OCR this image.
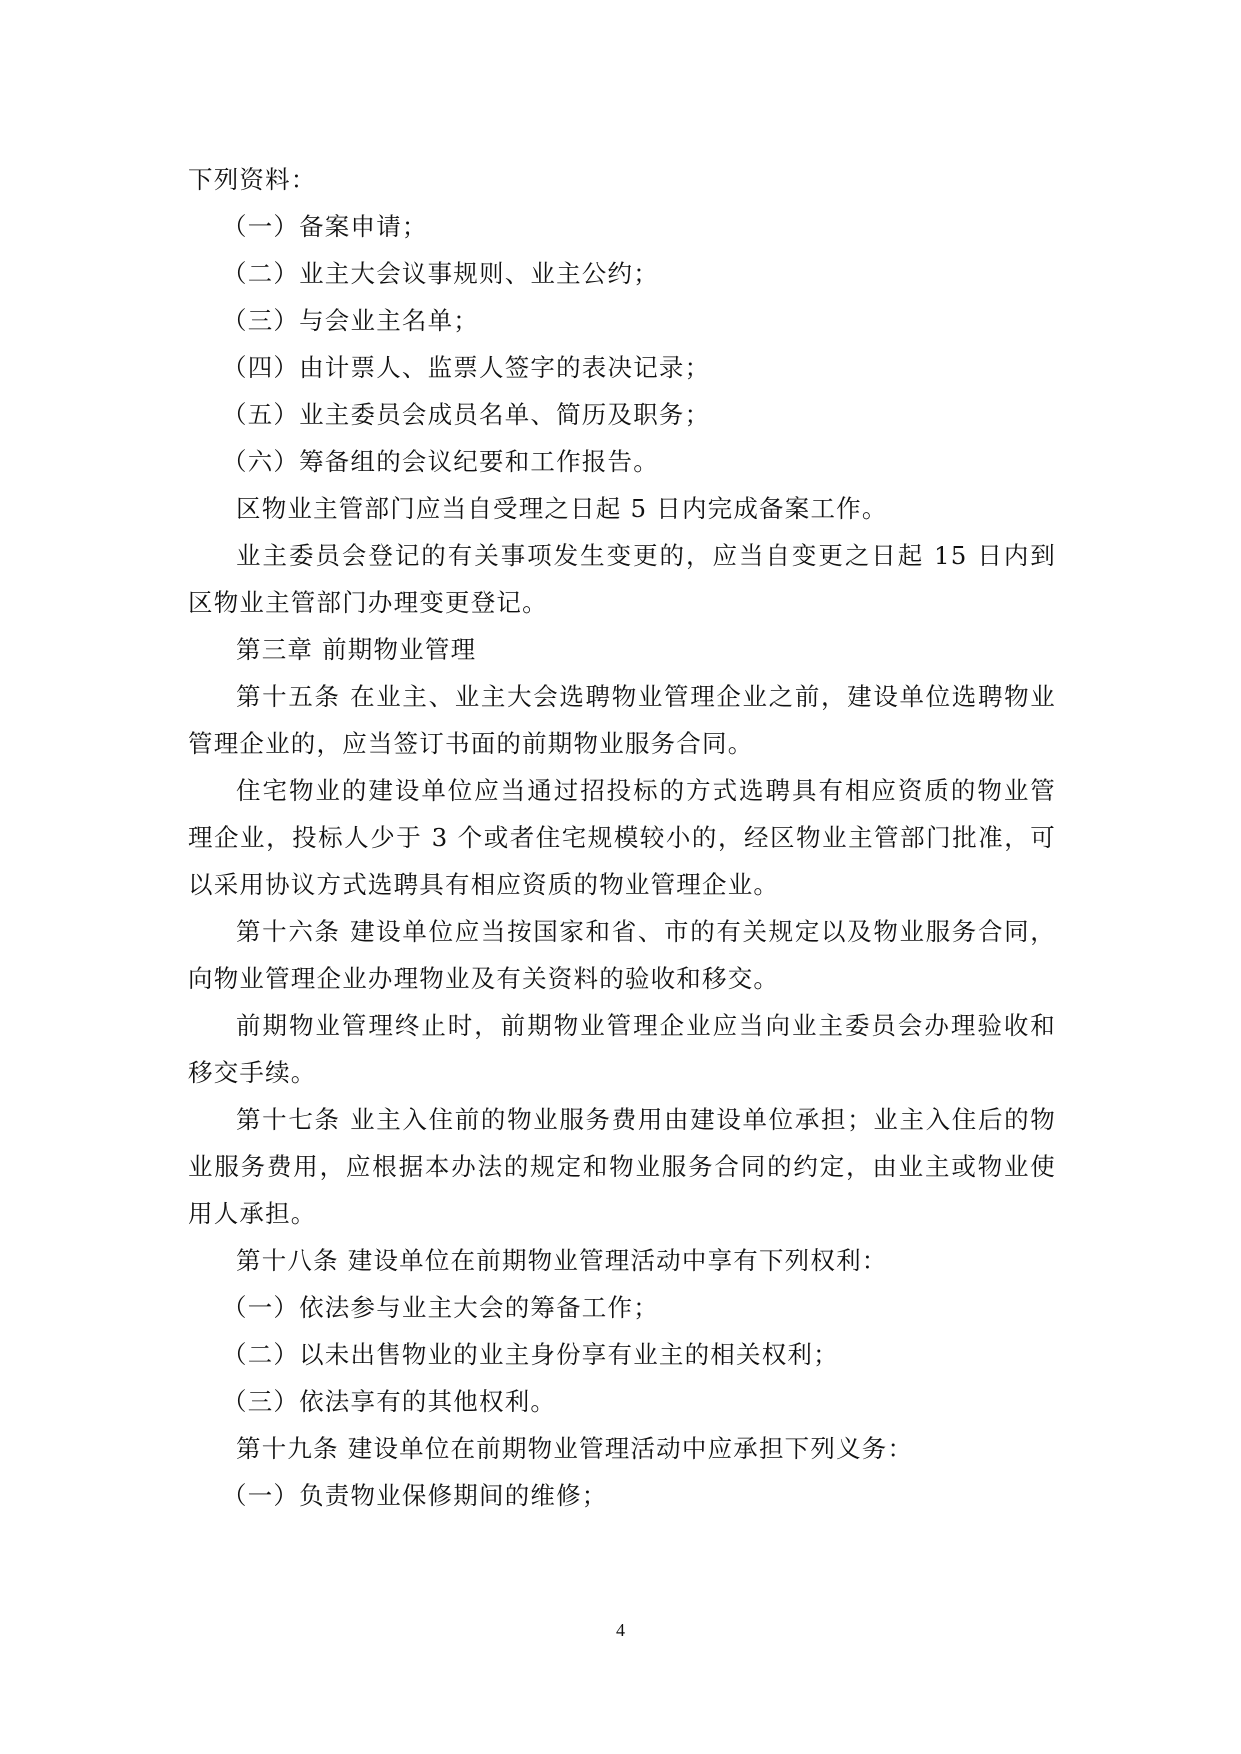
下列资料：

（一）备案申请；

（二）业主大会议事规则、业主公约；

（三）与会业主名单；

（四）由计票人、监票人签字的表决记录；

（五）业主委员会成员名单、简历及职务；

（六）筹备组的会议纪要和工作报告。

区物业主管部门应当自受理之日起 5 日内完成备案工作。

业主委员会登记的有关事项发生变更的，应当自变更之日起 15 日内到区物业主管部门办理变更登记。

第三章 前期物业管理

第十五条 在业主、业主大会选聘物业管理企业之前，建设单位选聘物业管理企业的，应当签订书面的前期物业服务合同。

住宅物业的建设单位应当通过招投标的方式选聘具有相应资质的物业管理企业，投标人少于 3 个或者住宅规模较小的，经区物业主管部门批准，可以采用协议方式选聘具有相应资质的物业管理企业。

第十六条 建设单位应当按国家和省、市的有关规定以及物业服务合同，向物业管理企业办理物业及有关资料的验收和移交。

前期物业管理终止时，前期物业管理企业应当向业主委员会办理验收和移交手续。

第十七条 业主入住前的物业服务费用由建设单位承担；业主入住后的物业服务费用，应根据本办法的规定和物业服务合同的约定，由业主或物业使用人承担。

第十八条 建设单位在前期物业管理活动中享有下列权利：

（一）依法参与业主大会的筹备工作；

（二）以未出售物业的业主身份享有业主的相关权利；

（三）依法享有的其他权利。

第十九条 建设单位在前期物业管理活动中应承担下列义务：

（一）负责物业保修期间的维修；

4
